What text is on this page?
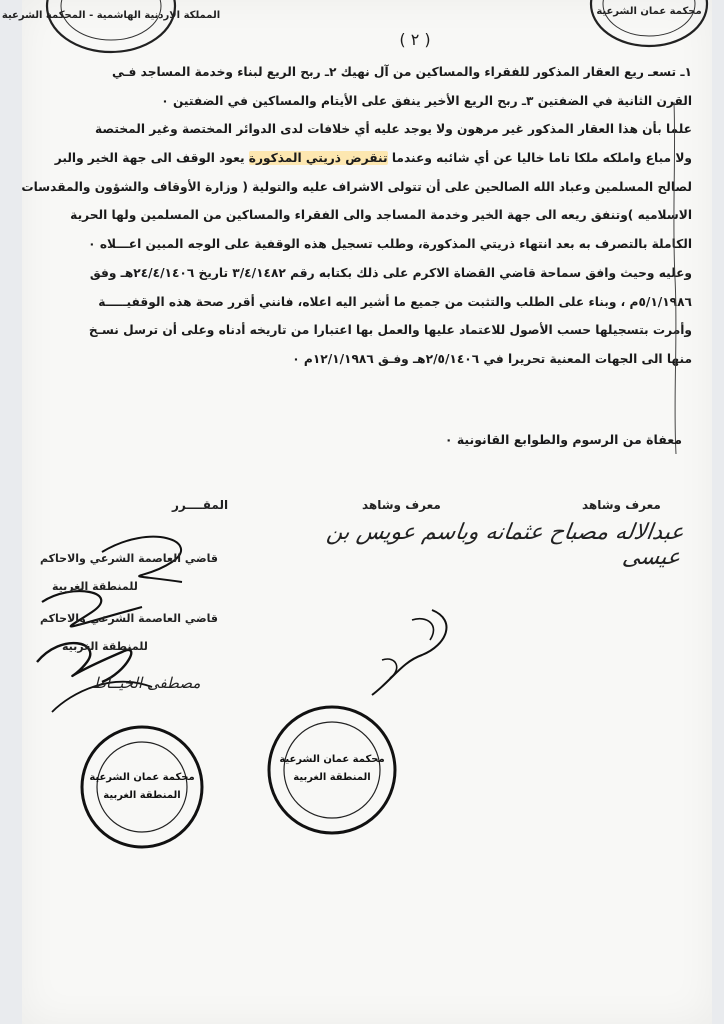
المملكة الاردنية الهاشمية - المحكمة الشرعية	محكمة عمان الشرعية
( ٢ )
١ـ تسعـ ريع العقار المذكور للفقراء والمساكين من آل نهيك ٢ـ ربح الريع لبناء وخدمة المساجد فـي
القرن الثانية في الضفتين ٣ـ ربح الريع الأخير ينفق على الأيتام والمساكين في الضفتين ٠
علما بأن هذا العقار المذكور غير مرهون ولا يوجد عليه أي خلافات لدى الدوائر المختصة وغير المختصة
ولا مباع واملكه ملكا تاما خاليا عن أي شائبه وعندما تنقرض ذريتي المذكورة يعود الوقف الى جهة الخير والبر
لصالح المسلمين وعباد الله الصالحين على أن تتولى الاشراف عليه والتولية ( وزارة الأوقاف والشؤون والمقدسات
الاسلاميه )وتنفق ريعه الى جهة الخير وخدمة المساجد والى الفقراء والمساكين من المسلمين ولها الحرية
الكاملة بالتصرف به بعد انتهاء ذريتي المذكورة، وطلب تسجيل هذه الوقفية على الوجه المبين اعـــلاه ٠
وعليه وحيث وافق سماحة قاضي القضاة الاكرم على ذلك بكتابه رقم ٣/٤/١٤٨٢ تاريخ ٢٤/٤/١٤٠٦هـ وفق
٥/١/١٩٨٦م ، وبناء على الطلب والتثبت من جميع ما أشير اليه اعلاه، فانني أقرر صحة هذه الوقفيـــــة
وأمرت بتسجيلها حسب الأصول للاعتماد عليها والعمل بها اعتبارا من تاريخه أدناه وعلى أن ترسل نسـخ
منها الى الجهات المعنية تحريرا في ٢/٥/١٤٠٦هـ وفـق ١٢/١/١٩٨٦م ٠
معفاة من الرسوم والطوابع القانونية ٠
المقــــرر	معرف وشاهد	معرف وشاهد
عبدالاله مصباح عثمانه وباسم عويس بن عيسى
قاضي العاصمة الشرعي والاحاكم
للمنطقة الغربية
قاضي العاصمة الشرعي والاحاكم
للمنطقة الغربية
مصطفى الخيــاط
محكمة عمان الشرعية
المنطقة الغربية
محكمة عمان الشرعية
المنطقة الغربية
